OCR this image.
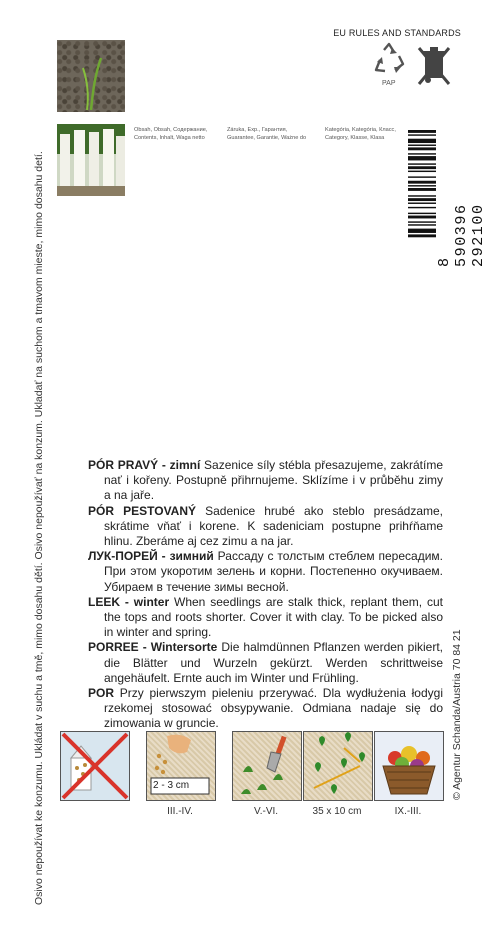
Osivo nepoužívat ke konzumu. Ukládat v suchu a tmě, mimo dosahu dětí. Osivo nepoužívať na konzum. Ukladať na suchom a tmavom mieste, mimo dosahu detí.	© Agentur Schanda/Austria 70 84 21
EU RULES AND STANDARDS
PAP
Obsah, Obsah, Содержание,	Záruka, Exp., Гарантия,	Kategória, Kategória, Класс,
Contents, Inhalt, Waga netto	Guarantee, Garantie, Ważne do	Category, Klasse, Klasa
8 590396 292100

PÓR PRAVÝ - zimní Sazenice síly stébla přesazujeme, zakrátíme nať i kořeny. Postupně přihrnujeme. Sklízíme i v průběhu zimy a na jaře.

PÓR PESTOVANÝ Sadenice hrubé ako steblo presádzame, skrátime vňať i korene. K sadeniciam postupne prihŕňame hlinu. Zberáme aj cez zimu a na jar.

ЛУК-ПОРЕЙ - зимний Рассаду с толстым стеблем пересадим. При этом укоротим зелень и корни. Постепенно окучиваем. Убираем в течение зимы весной.

LEEK - winter When seedlings are stalk thick, replant them, cut the tops and roots shorter. Cover it with clay. To be picked also in winter and spring.

PORREE - Wintersorte Die halmdünnen Pflanzen werden pikiert, die Blätter und Wurzeln gekürzt. Werden schrittweise angehäufelt. Ernte auch im Winter und Frühling.

POR Przy pierwszym pieleniu przerywać. Dla wydłużenia łodygi rzekomej stosować obsypywanie. Odmiana nadaje się do zimowania w gruncie.

2 - 3 cm
III.-IV.	V.-VI.	35 x 10 cm	IX.-III.
